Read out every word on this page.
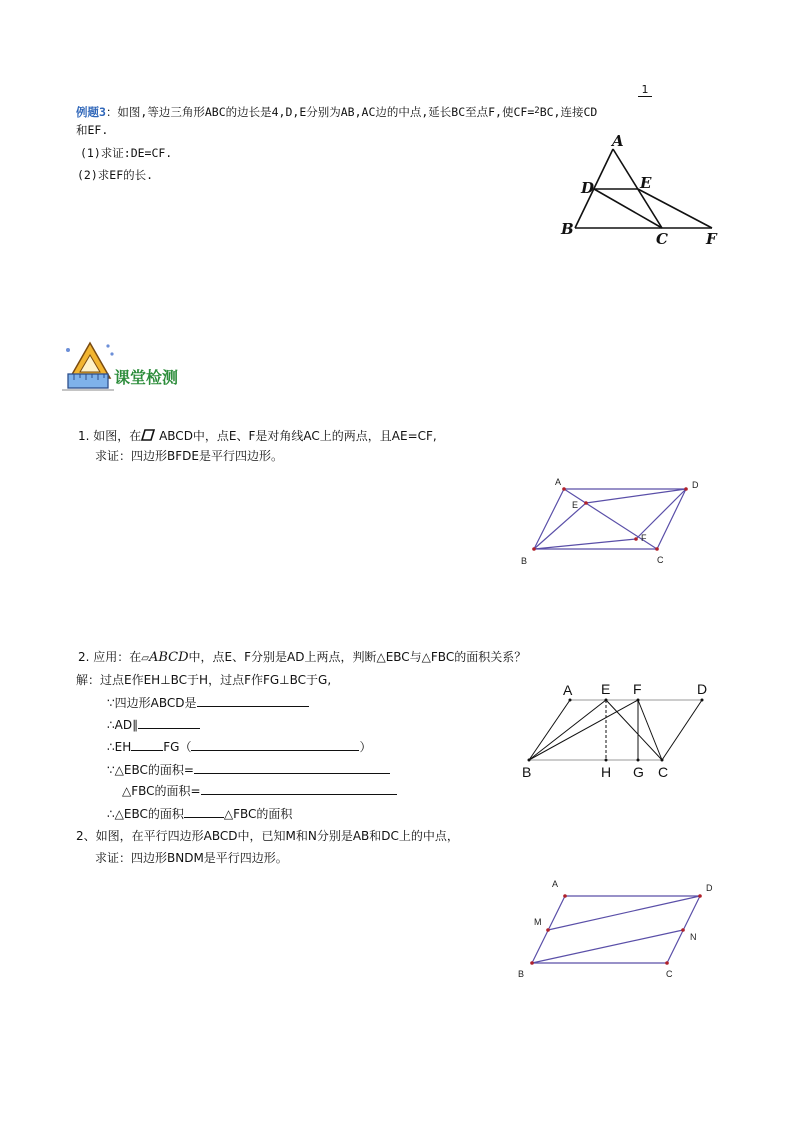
1
例题3：如图,等边三角形ABC的边长是4,D,E分别为AB,AC边的中点,延长BC至点F,使CF=$^2$BC,连接CD
和EF.
(1)求证:DE=CF.
(2)求EF的长.
A
D	E
B
C	F
课堂检测
1. 如图，在 ABCD中，点E、F是对角线AC上的两点，且AE=CF,
求证：四边形BFDE是平行四边形。
A	D
E
F
B	C
2. 应用：在▱ABCD中，点E、F分别是AD上两点，判断△EBC与△FBC的面积关系？
解：过点E作EH⊥BC于H，过点F作FG⊥BC于G,
∵四边形ABCD是
∴AD∥
∴EH	FG（	）
∵△EBC的面积=
△FBC的面积=
∴△EBC的面积	△FBC的面积
A E F	D
B	H G C
2、如图，在平行四边形ABCD中，已知M和N分别是AB和DC上的中点，
求证：四边形BNDM是平行四边形。
A	D
M
N
B	C
